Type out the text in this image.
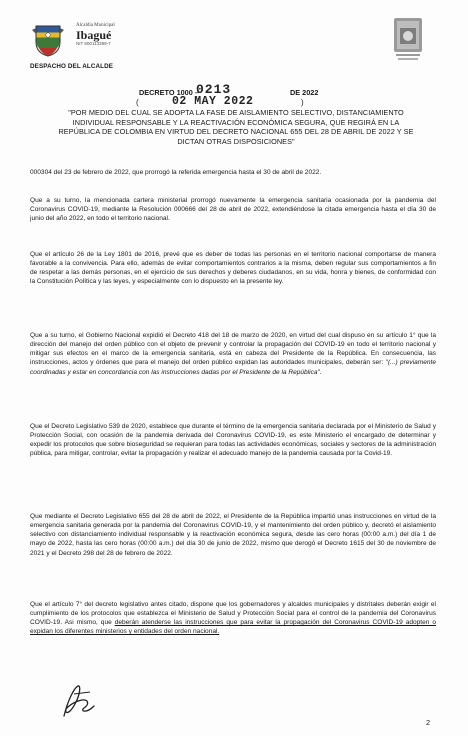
Alcaldía Municipal
Ibagué
NIT 800113389-7
DESPACHO DEL ALCALDE
DECRETO 1000 –
0213	DE 2022
(	02 MAY 2022	)
"POR MEDIO DEL CUAL SE ADOPTA LA FASE DE AISLAMIENTO SELECTIVO, DISTANCIAMIENTO INDIVIDUAL RESPONSABLE Y LA REACTIVACIÓN ECONÓMICA SEGURA, QUE REGIRÁ EN LA REPÚBLICA DE COLOMBIA EN VIRTUD DEL DECRETO NACIONAL 655 DEL 28 DE ABRIL DE 2022 Y SE DICTAN OTRAS DISPOSICIONES"

000304 del 23 de febrero de 2022, que prorrogó la referida emergencia hasta el 30 de abril de 2022.

Que a su turno, la mencionada cartera ministerial prorrogó nuevamente la emergencia sanitaria ocasionada por la pandemia del Coronavirus COVID-19, mediante la Resolución 000666 del 28 de abril de 2022, extendiéndose la citada emergencia hasta el día 30 de junio del año 2022, en todo el territorio nacional.

Que el artículo 26 de la Ley 1801 de 2016, prevé que es deber de todas las personas en el territorio nacional comportarse de manera favorable a la convivencia. Para ello, además de evitar comportamientos contrarios a la misma, deben regular sus comportamientos a fin de respetar a las demás personas, en el ejercicio de sus derechos y deberes ciudadanos, en su vida, honra y bienes, de conformidad con la Constitución Política y las leyes, y especialmente con lo dispuesto en la presente ley.

Que a su turno, el Gobierno Nacional expidió el Decreto 418 del 18 de marzo de 2020, en virtud del cual dispuso en su artículo 1° que la dirección del manejo del orden público con el objeto de prevenir y controlar la propagación del COVID-19 en todo el territorio nacional y mitigar sus efectos en el marco de la emergencia sanitaria, está en cabeza del Presidente de la República. En consecuencia, las instrucciones, actos y órdenes que para el manejo del orden público expidan las autoridades municipales, deberán ser: "(...) previamente coordinadas y estar en concordancia con las instrucciones dadas por el Presidente de la República".

Que el Decreto Legislativo 539 de 2020, establece que durante el término de la emergencia sanitaria declarada por el Ministerio de Salud y Protección Social, con ocasión de la pandemia derivada del Coronavirus COVID-19, es este Ministerio el encargado de determinar y expedir los protocolos que sobre bioseguridad se requieran para todas las actividades económicas, sociales y sectores de la administración pública, para mitigar, controlar, evitar la propagación y realizar el adecuado manejo de la pandemia causada por la Covid-19.

Que mediante el Decreto Legislativo 655 del 28 de abril de 2022, el Presidente de la República impartió unas instrucciones en virtud de la emergencia sanitaria generada por la pandemia del Coronavirus COVID-19, y el mantenimiento del orden público y, decretó el aislamiento selectivo con distanciamiento individual responsable y la reactivación económica segura, desde las cero horas (00:00 a.m.) del día 1 de mayo de 2022, hasta las cero horas (00:00 a.m.) del día 30 de junio de 2022, mismo que derogó el Decreto 1615 del 30 de noviembre de 2021 y el Decreto 298 del 28 de febrero de 2022.

Que el artículo 7° del decreto legislativo antes citado, dispone que los gobernadores y alcaldes municipales y distritales deberán exigir el cumplimiento de los protocolos que establezca el Ministerio de Salud y Protección Social para el control de la pandemia del Coronavirus COVID-19. Asi mismo, que deberán atenderse las instrucciones que para evitar la propagación del Coronavirus COVID-19 adopten o expidan los diferentes ministerios y entidades del orden nacional.

2
